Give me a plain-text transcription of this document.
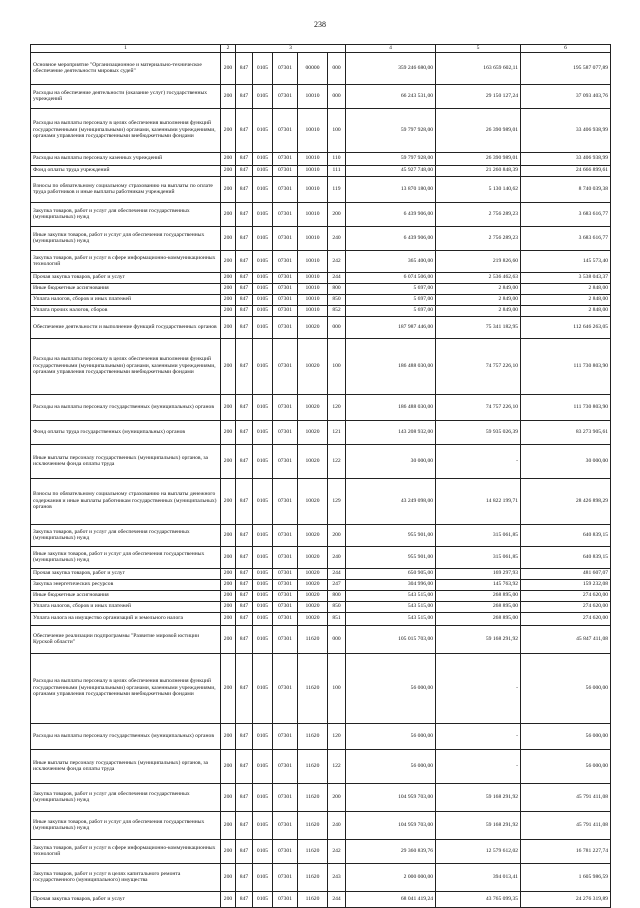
238
1	2	3					4	5	6
Основное мероприятие "Организационное и материально-техническое обеспечение деятельности мировых судей"	200	847	0105	07301	00000	000	359 246 680,00	163 659 602,11	195 587 077,89
Расходы на обеспечение деятельности (оказание услуг) государственных учреждений	200	847	0105	07301	10010	000	66 243 531,00	29 150 127,24	37 093 403,76
Расходы на выплаты персоналу в целях обеспечения выполнения функций государственными (муниципальными) органами, казенными учреждениями, органами управления государственными внебюджетными фондами	200	847	0105	07301	10010	100	59 797 928,00	26 390 989,01	33 406 938,99
Расходы на выплаты персоналу казенных учреждений	200	847	0105	07301	10010	110	59 797 928,00	26 390 989,01	33 406 938,99
Фонд оплаты труда учреждений	200	847	0105	07301	10010	111	45 927 748,00	21 260 848,39	24 666 899,61
Взносы по обязательному социальному страхованию на выплаты по оплате труда работников и иные выплаты работникам учреждений	200	847	0105	07301	10010	119	13 870 180,00	5 130 140,62	8 740 039,38
Закупка товаров, работ и услуг для обеспечения государственных (муниципальных) нужд	200	847	0105	07301	10010	200	6 439 906,00	2 756 289,23	3 683 616,77
Иные закупки товаров, работ и услуг для обеспечения государственных (муниципальных) нужд	200	847	0105	07301	10010	240	6 439 906,00	2 756 289,23	3 683 616,77
Закупка товаров, работ и услуг в сфере информационно-коммуникационных технологий	200	847	0105	07301	10010	242	365 400,00	219 826,60	145 573,40
Прочая закупка товаров, работ и услуг	200	847	0105	07301	10010	244	6 074 506,00	2 536 462,63	3 538 043,37
Иные бюджетные ассигнования	200	847	0105	07301	10010	800	5 697,00	2 849,00	2 848,00
Уплата налогов, сборов и иных платежей	200	847	0105	07301	10010	850	5 697,00	2 849,00	2 848,00
Уплата прочих налогов, сборов	200	847	0105	07301	10010	852	5 697,00	2 849,00	2 848,00
Обеспечение деятельности и выполнение функций государственных органов	200	847	0105	07301	10020	000	187 987 446,00	75 341 182,95	112 646 263,05
Расходы на выплаты персоналу в целях обеспечения выполнения функций государственными (муниципальными) органами, казенными учреждениями, органами управления государственными внебюджетными фондами	200	847	0105	07301	10020	100	186 488 030,00	74 757 226,10	111 730 803,90
Расходы на выплаты персоналу государственных (муниципальных) органов	200	847	0105	07301	10020	120	186 488 030,00	74 757 226,10	111 730 803,90
Фонд оплаты труда государственных (муниципальных) органов	200	847	0105	07301	10020	121	143 208 932,00	59 935 026,39	83 273 905,61
Иные выплаты персоналу государственных (муниципальных) органов, за исключением фонда оплаты труда	200	847	0105	07301	10020	122	30 000,00	-	30 000,00
Взносы по обязательному социальному страхованию на выплаты денежного содержания и иные выплаты работникам государственных (муниципальных) органов	200	847	0105	07301	10020	129	43 249 098,00	14 822 199,71	28 426 898,29
Закупка товаров, работ и услуг для обеспечения государственных (муниципальных) нужд	200	847	0105	07301	10020	200	955 901,00	315 061,85	640 839,15
Иные закупки товаров, работ и услуг для обеспечения государственных (муниципальных) нужд	200	847	0105	07301	10020	240	955 901,00	315 061,85	640 839,15
Прочая закупка товаров, работ и услуг	200	847	0105	07301	10020	244	650 905,00	169 297,93	481 607,07
Закупка энергетических ресурсов	200	847	0105	07301	10020	247	304 996,00	145 763,92	159 232,08
Иные бюджетные ассигнования	200	847	0105	07301	10020	800	543 515,00	268 895,00	274 620,00
Уплата налогов, сборов и иных платежей	200	847	0105	07301	10020	850	543 515,00	268 895,00	274 620,00
Уплата налога на имущество организаций и земельного налога	200	847	0105	07301	10020	851	543 515,00	268 895,00	274 620,00
Обеспечение реализации подпрограммы "Развитие мировой юстиции Курской области"	200	847	0105	07301	11620	000	105 015 703,00	59 168 291,92	45 847 411,08
Расходы на выплаты персоналу в целях обеспечения выполнения функций государственными (муниципальными) органами, казенными учреждениями, органами управления государственными внебюджетными фондами	200	847	0105	07301	11620	100	56 000,00	-	56 000,00
Расходы на выплаты персоналу государственных (муниципальных) органов	200	847	0105	07301	11620	120	56 000,00	-	56 000,00
Иные выплаты персоналу государственных (муниципальных) органов, за исключением фонда оплаты труда	200	847	0105	07301	11620	122	56 000,00	-	56 000,00
Закупка товаров, работ и услуг для обеспечения государственных (муниципальных) нужд	200	847	0105	07301	11620	200	104 959 703,00	59 168 291,92	45 791 411,08
Иные закупки товаров, работ и услуг для обеспечения государственных (муниципальных) нужд	200	847	0105	07301	11620	240	104 959 703,00	59 168 291,92	45 791 411,08
Закупка товаров, работ и услуг в сфере информационно-коммуникационных технологий	200	847	0105	07301	11620	242	29 360 839,76	12 579 612,02	16 781 227,74
Закупка товаров, работ и услуг в целях капитального ремонта государственного (муниципального) имущества	200	847	0105	07301	11620	243	2 000 000,00	394 013,41	1 605 986,59
Прочая закупка товаров, работ и услуг	200	847	0105	07301	11620	244	68 041 419,24	43 765 099,35	24 276 319,89
